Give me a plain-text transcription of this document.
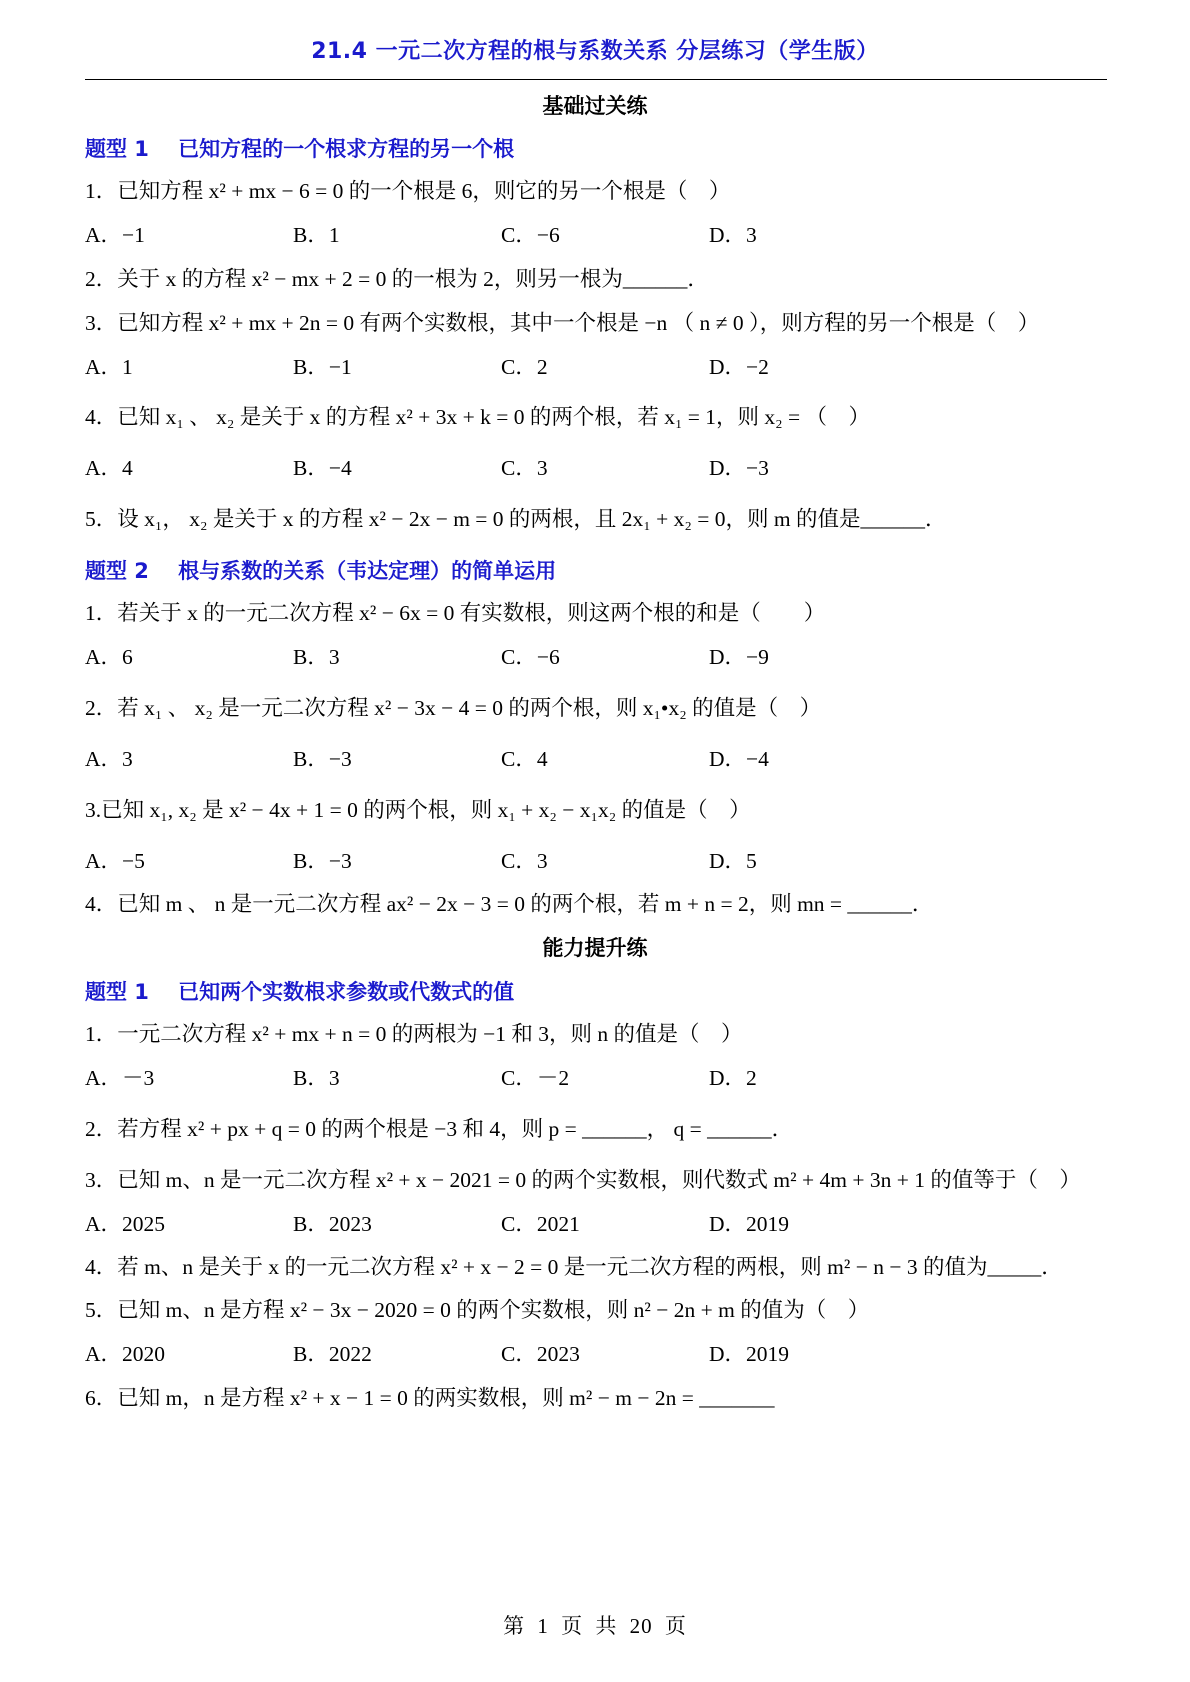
21.4 一元二次方程的根与系数关系 分层练习（学生版）
基础过关练
题型 1    已知方程的一个根求方程的另一个根
1．已知方程 x² + mx − 6 = 0 的一个根是 6，则它的另一个根是（　）
A．−1	B．1	C．−6	D．3
2．关于 x 的方程 x² − mx + 2 = 0 的一根为 2，则另一根为______．
3．已知方程 x² + mx + 2n = 0 有两个实数根，其中一个根是 −n （ n ≠ 0 ），则方程的另一个根是（　）
A．1	B．−1	C．2	D．−2
4．已知 x₁ 、 x₂ 是关于 x 的方程 x² + 3x + k = 0 的两个根，若 x₁ = 1，则 x₂ = （　）
A．4	B．−4	C．3	D．−3
5．设 x₁， x₂ 是关于 x 的方程 x² − 2x − m = 0 的两根，且 2x₁ + x₂ = 0，则 m 的值是______．
题型 2    根与系数的关系（韦达定理）的简单运用
1．若关于 x 的一元二次方程 x² − 6x = 0 有实数根，则这两个根的和是（　　）
A．6	B．3	C．−6	D．−9
2．若 x₁ 、 x₂ 是一元二次方程 x² − 3x − 4 = 0 的两个根，则 x₁•x₂ 的值是（　）
A．3	B．−3	C．4	D．−4
3.已知 x₁, x₂ 是 x² − 4x + 1 = 0 的两个根，则 x₁ + x₂ − x₁x₂ 的值是（　）
A．−5	B．−3	C．3	D．5
4．已知 m 、 n 是一元二次方程 ax² − 2x − 3 = 0 的两个根，若 m + n = 2，则 mn = ______．
能力提升练
题型 1    已知两个实数根求参数或代数式的值
1．一元二次方程 x² + mx + n = 0 的两根为 −1 和 3，则 n 的值是（　）
A．－3	B．3	C．－2	D．2
2．若方程 x² + px + q = 0 的两个根是 −3 和 4，则 p = ______， q = ______．
3．已知 m、n 是一元二次方程 x² + x − 2021 = 0 的两个实数根，则代数式 m² + 4m + 3n + 1 的值等于（　）
A．2025	B．2023	C．2021	D．2019
4．若 m、n 是关于 x 的一元二次方程 x² + x − 2 = 0 是一元二次方程的两根，则 m² − n − 3 的值为_____．
5．已知 m、n 是方程 x² − 3x − 2020 = 0 的两个实数根，则 n² − 2n + m 的值为（　）
A．2020	B．2022	C．2023	D．2019
6．已知 m，n 是方程 x² + x − 1 = 0 的两实数根，则 m² − m − 2n = _______
第 1 页 共 20 页
